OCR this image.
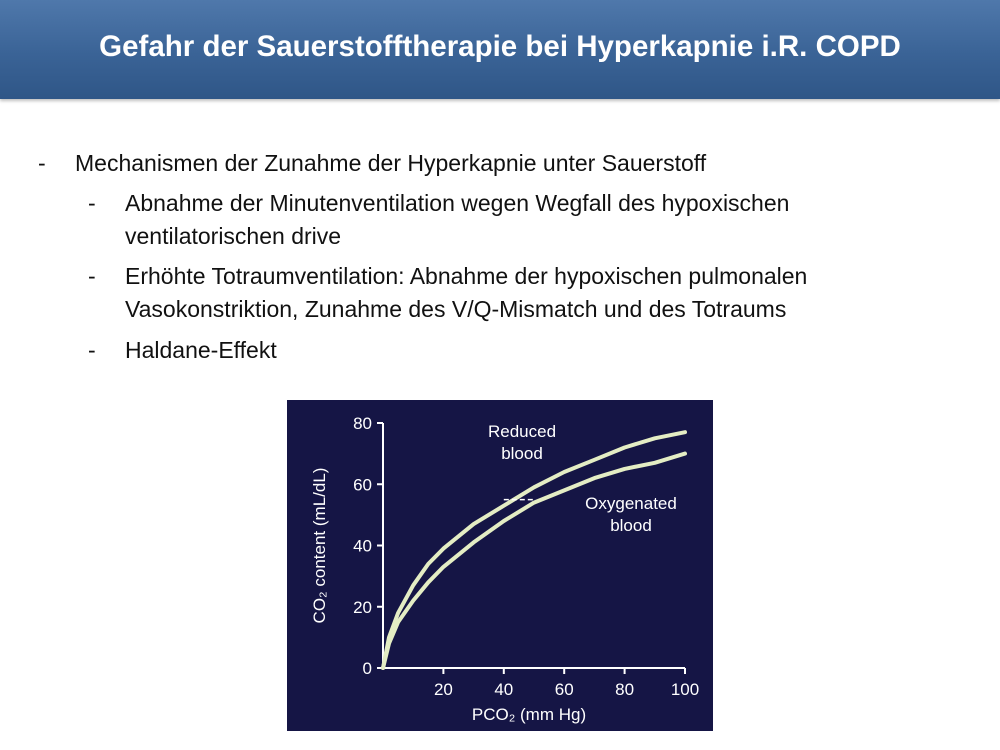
Gefahr der Sauerstofftherapie bei Hyperkapnie i.R. COPD
- Mechanismen der Zunahme der Hyperkapnie unter Sauerstoff
- Abnahme der Minutenventilation wegen Wegfall des hypoxischen
ventilatorischen drive
- Erhöhte Totraumventilation: Abnahme der hypoxischen pulmonalen
Vasokonstriktion, Zunahme des V/Q-Mismatch und des Totraums
- Haldane-Effekt
0
20
40
60
80
20 40 60 80 100
PCO₂ (mm Hg)
CO₂ content (mL/dL)
Reduced
blood
Oxygenated
blood
